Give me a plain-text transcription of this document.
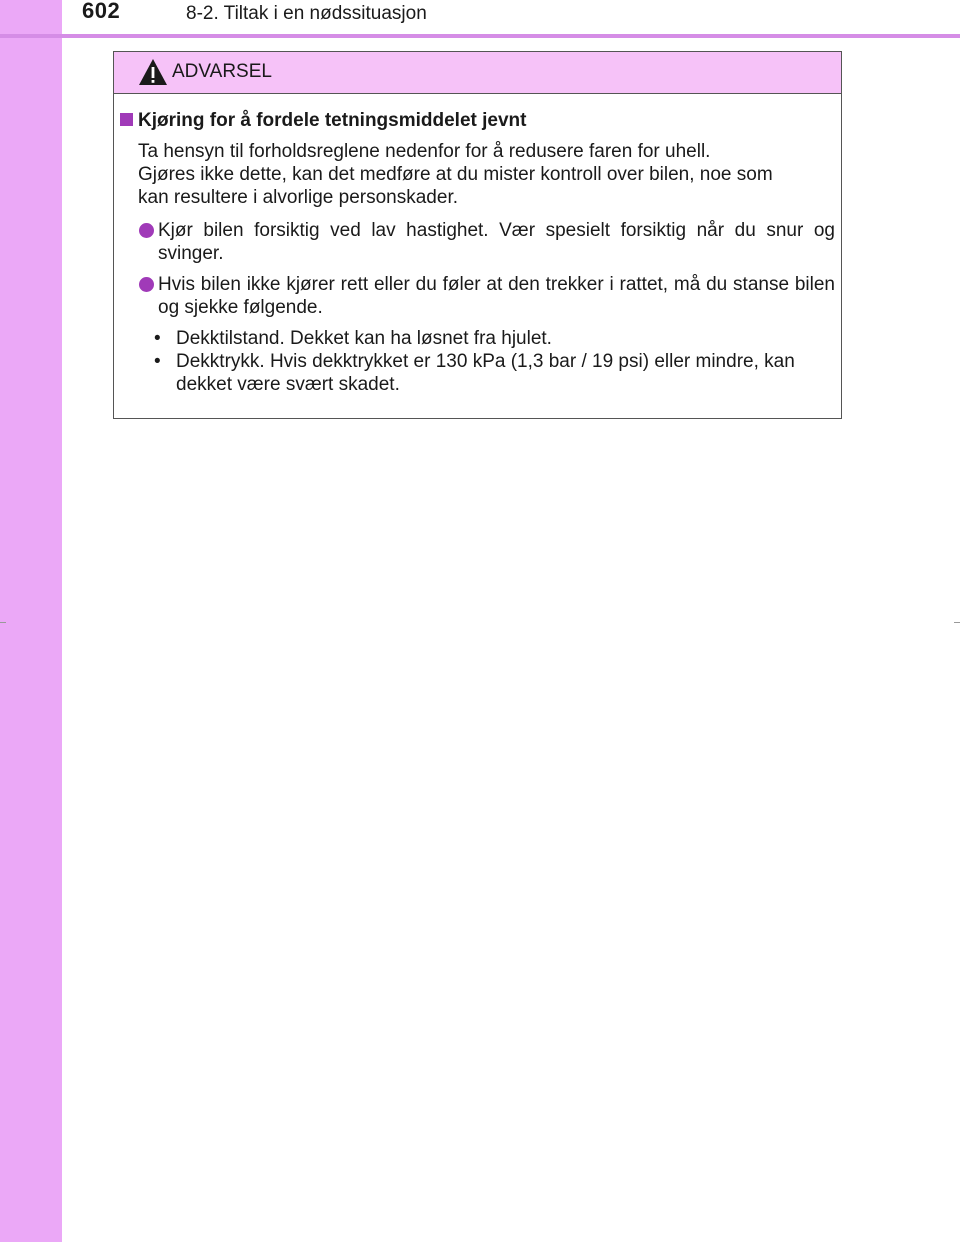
602	8-2. Tiltak i en nødssituasjon
ADVARSEL
Kjøring for å fordele tetningsmiddelet jevnt
Ta hensyn til forholdsreglene nedenfor for å redusere faren for uhell.
Gjøres ikke dette, kan det medføre at du mister kontroll over bilen, noe som
kan resultere i alvorlige personskader.
Kjør bilen forsiktig ved lav hastighet. Vær spesielt forsiktig når du snur og svinger.
Hvis bilen ikke kjører rett eller du føler at den trekker i rattet, må du stanse bilen og sjekke følgende.
• Dekktilstand. Dekket kan ha løsnet fra hjulet.
• Dekktrykk. Hvis dekktrykket er 130 kPa (1,3 bar / 19 psi) eller mindre, kan dekket være svært skadet.
